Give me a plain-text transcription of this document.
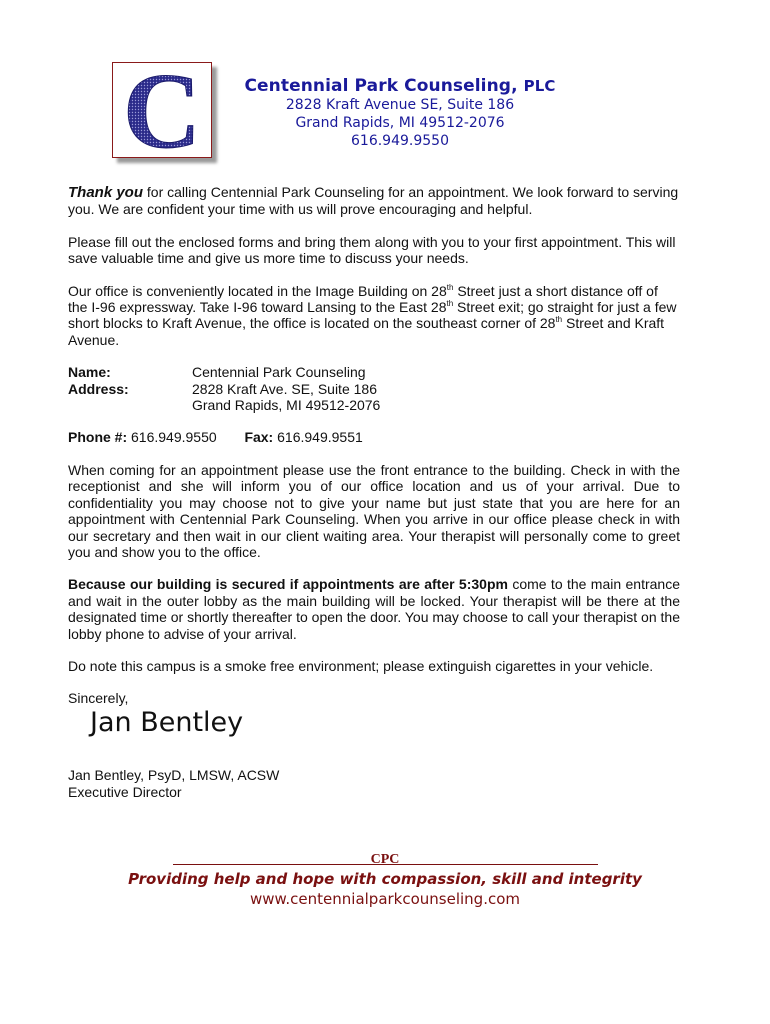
C	Centennial Park Counseling, PLC
2828 Kraft Avenue SE, Suite 186
Grand Rapids, MI 49512-2076
616.949.9550

Thank you for calling Centennial Park Counseling for an appointment. We look forward to serving you. We are confident your time with us will prove encouraging and helpful.

Please fill out the enclosed forms and bring them along with you to your first appointment. This will save valuable time and give us more time to discuss your needs.

Our office is conveniently located in the Image Building on 28th Street just a short distance off of the I-96 expressway. Take I-96 toward Lansing to the East 28th Street exit; go straight for just a few short blocks to Kraft Avenue, the office is located on the southeast corner of 28th Street and Kraft Avenue.

Name:	Centennial Park Counseling
Address:	2828 Kraft Ave. SE, Suite 186
Grand Rapids, MI 49512-2076
Phone #: 616.949.9550 Fax: 616.949.9551

When coming for an appointment please use the front entrance to the building. Check in with the receptionist and she will inform you of our office location and us of your arrival. Due to confidentiality you may choose not to give your name but just state that you are here for an appointment with Centennial Park Counseling. When you arrive in our office please check in with our secretary and then wait in our client waiting area. Your therapist will personally come to greet you and show you to the office.

Because our building is secured if appointments are after 5:30pm come to the main entrance and wait in the outer lobby as the main building will be locked. Your therapist will be there at the designated time or shortly thereafter to open the door. You may choose to call your therapist on the lobby phone to advise of your arrival.

Do note this campus is a smoke free environment; please extinguish cigarettes in your vehicle.

Sincerely,

Jan Bentley
Jan Bentley, PsyD, LMSW, ACSW
Executive Director
CPC
Providing help and hope with compassion, skill and integrity
www.centennialparkcounseling.com
